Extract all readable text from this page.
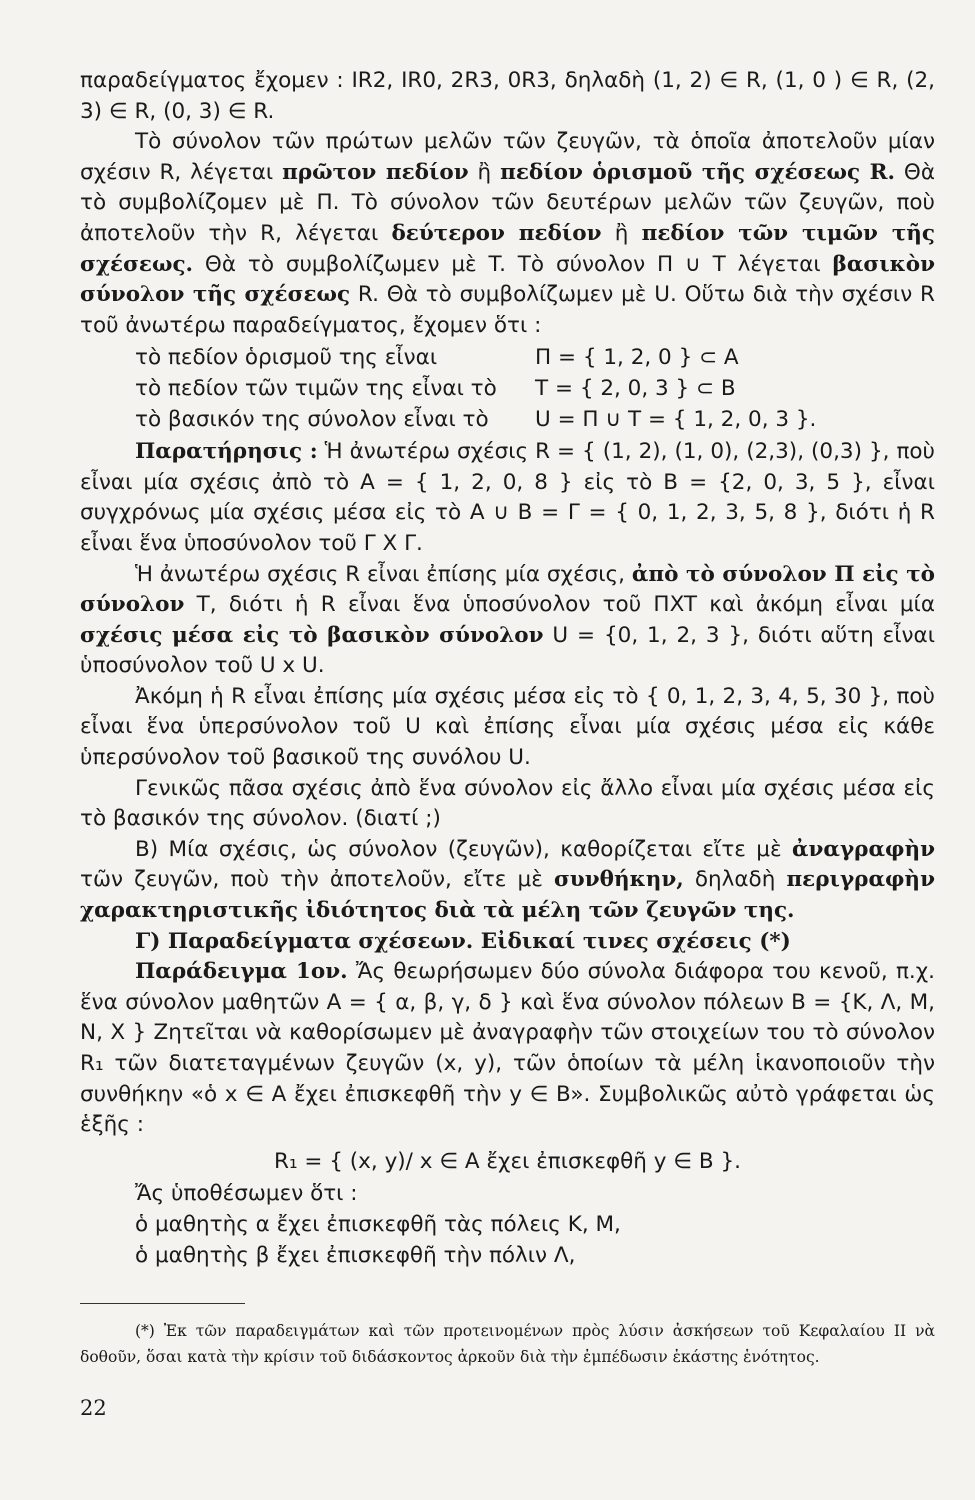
παραδείγματος ἔχομεν : IR2, IR0, 2R3, 0R3, δηλαδὴ (1, 2) ∈ R, (1, 0 ) ∈ R, (2, 3) ∈ R, (0, 3) ∈ R.

Τὸ σύνολον τῶν πρώτων μελῶν τῶν ζευγῶν, τὰ ὁποῖα ἀποτελοῦν μίαν σχέσιν R, λέγεται πρῶτον πεδίον ἢ πεδίον ὁρισμοῦ τῆς σχέσεως R. Θὰ τὸ συμβολίζομεν μὲ Π. Τὸ σύνολον τῶν δευτέρων μελῶν τῶν ζευγῶν, ποὺ ἀποτελοῦν τὴν R, λέγεται δεύτερον πεδίον ἢ πεδίον τῶν τιμῶν τῆς σχέσεως. Θὰ τὸ συμβολίζωμεν μὲ T. Τὸ σύνολον Π ∪ T λέγεται βασικὸν σύνολον τῆς σχέσεως R. Θὰ τὸ συμβολίζωμεν μὲ U. Οὕτω διὰ τὴν σχέσιν R τοῦ ἀνωτέρω παραδείγματος, ἔχομεν ὅτι :

τὸ πεδίον ὁρισμοῦ της εἶναι	Π = { 1, 2, 0 } ⊂ A
τὸ πεδίον τῶν τιμῶν της εἶναι τὸ	T = { 2, 0, 3 } ⊂ B
τὸ βασικόν της σύνολον εἶναι τὸ	U = Π ∪ T = { 1, 2, 0, 3 }.

Παρατήρησις : Ἡ ἀνωτέρω σχέσις R = { (1, 2), (1, 0), (2,3), (0,3) }, ποὺ εἶναι μία σχέσις ἀπὸ τὸ A = { 1, 2, 0, 8 } εἰς τὸ B = {2, 0, 3, 5 }, εἶναι συγχρόνως μία σχέσις μέσα εἰς τὸ A ∪ B = Γ = { 0, 1, 2, 3, 5, 8 }, διότι ἡ R εἶναι ἕνα ὑποσύνολον τοῦ Γ X Γ.

Ἡ ἀνωτέρω σχέσις R εἶναι ἐπίσης μία σχέσις, ἀπὸ τὸ σύνολον Π εἰς τὸ σύνολον T, διότι ἡ R εἶναι ἕνα ὑποσύνολον τοῦ ΠXT καὶ ἀκόμη εἶναι μία σχέσις μέσα εἰς τὸ βασικὸν σύνολον U = {0, 1, 2, 3 }, διότι αὕτη εἶναι ὑποσύνολον τοῦ U x U.

Ἀκόμη ἡ R εἶναι ἐπίσης μία σχέσις μέσα εἰς τὸ { 0, 1, 2, 3, 4, 5, 30 }, ποὺ εἶναι ἕνα ὑπερσύνολον τοῦ U καὶ ἐπίσης εἶναι μία σχέσις μέσα εἰς κάθε ὑπερσύνολον τοῦ βασικοῦ της συνόλου U.

Γενικῶς πᾶσα σχέσις ἀπὸ ἕνα σύνολον εἰς ἄλλο εἶναι μία σχέσις μέσα εἰς τὸ βασικόν της σύνολον. (διατί ;)

B) Μία σχέσις, ὡς σύνολον (ζευγῶν), καθορίζεται εἴτε μὲ ἀναγραφὴν τῶν ζευγῶν, ποὺ τὴν ἀποτελοῦν, εἴτε μὲ συνθήκην, δηλαδὴ περιγραφὴν χαρακτηριστικῆς ἰδιότητος διὰ τὰ μέλη τῶν ζευγῶν της.

Γ) Παραδείγματα σχέσεων. Εἰδικαί τινες σχέσεις (*)

Παράδειγμα 1ον. Ἄς θεωρήσωμεν δύο σύνολα διάφορα του κενοῦ, π.χ. ἕνα σύνολον μαθητῶν A = { α, β, γ, δ } καὶ ἕνα σύνολον πόλεων B = {K, Λ, M, N, X } Ζητεῖται νὰ καθορίσωμεν μὲ ἀναγραφὴν τῶν στοιχείων του τὸ σύνολον R₁ τῶν διατεταγμένων ζευγῶν (x, y), τῶν ὁποίων τὰ μέλη ἱκανοποιοῦν τὴν συνθήκην «ὁ x ∈ A ἔχει ἐπισκεφθῆ τὴν y ∈ B». Συμβολικῶς αὐτὸ γράφεται ὡς ἑξῆς :

R₁ = { (x, y)/ x ∈ A ἔχει ἐπισκεφθῆ y ∈ B }.

Ἄς ὑποθέσωμεν ὅτι :

ὁ μαθητὴς α ἔχει ἐπισκεφθῆ τὰς πόλεις K, M,

ὁ μαθητὴς β ἔχει ἐπισκεφθῆ τὴν πόλιν Λ,

(*) Ἐκ τῶν παραδειγμάτων καὶ τῶν προτεινομένων πρὸς λύσιν ἀσκήσεων τοῦ Κεφαλαίου II νὰ δοθοῦν, ὅσαι κατὰ τὴν κρίσιν τοῦ διδάσκοντος ἀρκοῦν διὰ τὴν ἐμπέδωσιν ἑκάστης ἑνότητος.

22
